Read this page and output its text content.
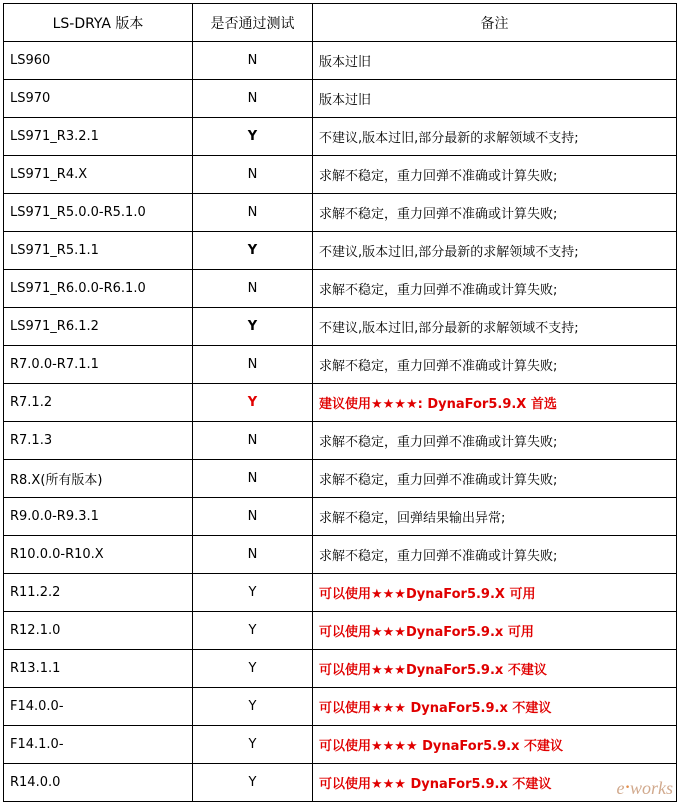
LS-DRYA 版本	是否通过测试	备注
LS960	N	版本过旧
LS970	N	版本过旧
LS971_R3.2.1	Y	不建议,版本过旧,部分最新的求解领域不支持;
LS971_R4.X	N	求解不稳定，重力回弹不准确或计算失败;
LS971_R5.0.0-R5.1.0	N	求解不稳定，重力回弹不准确或计算失败;
LS971_R5.1.1	Y	不建议,版本过旧,部分最新的求解领域不支持;
LS971_R6.0.0-R6.1.0	N	求解不稳定，重力回弹不准确或计算失败;
LS971_R6.1.2	Y	不建议,版本过旧,部分最新的求解领域不支持;
R7.0.0-R7.1.1	N	求解不稳定，重力回弹不准确或计算失败;
R7.1.2	Y	建议使用★★★★: DynaFor5.9.X 首选
R7.1.3	N	求解不稳定，重力回弹不准确或计算失败;
R8.X(所有版本)	N	求解不稳定，重力回弹不准确或计算失败;
R9.0.0-R9.3.1	N	求解不稳定，回弹结果输出异常;
R10.0.0-R10.X	N	求解不稳定，重力回弹不准确或计算失败;
R11.2.2	Y	可以使用★★★DynaFor5.9.X 可用
R12.1.0	Y	可以使用★★★DynaFor5.9.x 可用
R13.1.1	Y	可以使用★★★DynaFor5.9.x 不建议
F14.0.0-	Y	可以使用★★★ DynaFor5.9.x 不建议
F14.1.0-	Y	可以使用★★★★ DynaFor5.9.x 不建议
R14.0.0	Y	可以使用★★★ DynaFor5.9.x 不建议	e·works
